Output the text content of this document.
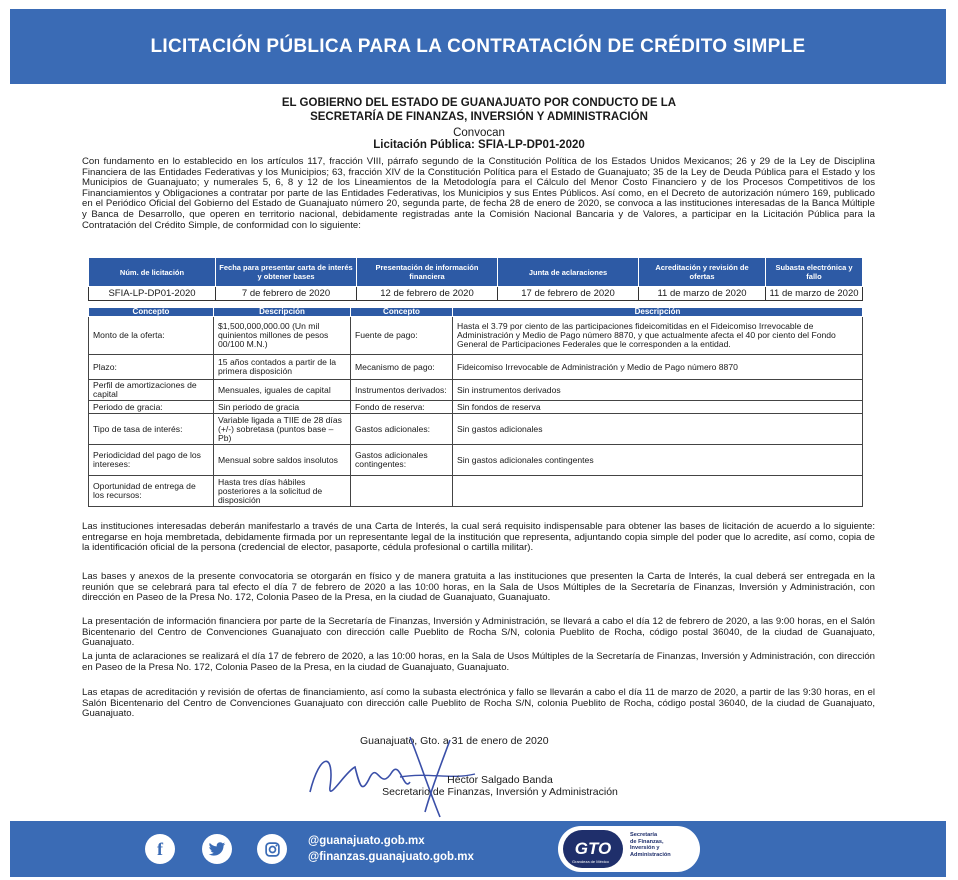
LICITACIÓN PÚBLICA PARA LA CONTRATACIÓN DE CRÉDITO SIMPLE
EL GOBIERNO DEL ESTADO DE GUANAJUATO POR CONDUCTO DE LA
SECRETARÍA DE FINANZAS, INVERSIÓN Y ADMINISTRACIÓN
Convocan
Licitación Pública: SFIA-LP-DP01-2020

Con fundamento en lo establecido en los artículos 117, fracción VIII, párrafo segundo de la Constitución Política de los Estados Unidos Mexicanos; 26 y 29 de la Ley de Disciplina Financiera de las Entidades Federativas y los Municipios; 63, fracción XIV de la Constitución Política para el Estado de Guanajuato; 35 de la Ley de Deuda Pública para el Estado y los Municipios de Guanajuato; y numerales 5, 6, 8 y 12 de los Lineamientos de la Metodología para el Cálculo del Menor Costo Financiero y de los Procesos Competitivos de los Financiamientos y Obligaciones a contratar por parte de las Entidades Federativas, los Municipios y sus Entes Públicos. Así como, en el Decreto de autorización número 169, publicado en el Periódico Oficial del Gobierno del Estado de Guanajuato número 20, segunda parte, de fecha 28 de enero de 2020, se convoca a las instituciones interesadas de la Banca Múltiple y Banca de Desarrollo, que operen en territorio nacional, debidamente registradas ante la Comisión Nacional Bancaria y de Valores, a participar en la Licitación Pública para la Contratación del Crédito Simple, de conformidad con lo siguiente:

Núm. de licitación	Fecha para presentar carta de interés y obtener bases	Presentación de información financiera	Junta de aclaraciones	Acreditación y revisión de ofertas	Subasta electrónica y fallo
SFIA-LP-DP01-2020	7 de febrero de 2020	12 de febrero de 2020	17 de febrero de 2020	11 de marzo de 2020	11 de marzo de 2020
Concepto	Descripción	Concepto	Descripción
Monto de la oferta:	$1,500,000,000.00 (Un mil quinientos millones de pesos 00/100 M.N.)	Fuente de pago:	Hasta el 3.79 por ciento de las participaciones fideicomitidas en el Fideicomiso Irrevocable de Administración y Medio de Pago número 8870, y que actualmente afecta el 40 por ciento del Fondo General de Participaciones Federales que le corresponden a la entidad.
Plazo:	15 años contados a partir de la primera disposición	Mecanismo de pago:	Fideicomiso Irrevocable de Administración y Medio de Pago número 8870
Perfil de amortizaciones de capital	Mensuales, iguales de capital	Instrumentos derivados:	Sin instrumentos derivados
Periodo de gracia:	Sin periodo de gracia	Fondo de reserva:	Sin fondos de reserva
Tipo de tasa de interés:	Variable ligada a TIIE de 28 días (+/-) sobretasa (puntos base – Pb)	Gastos adicionales:	Sin gastos adicionales
Periodicidad del pago de los intereses:	Mensual sobre saldos insolutos	Gastos adicionales contingentes:	Sin gastos adicionales contingentes
Oportunidad de entrega de los recursos:	Hasta tres días hábiles posteriores a la solicitud de disposición		

Las instituciones interesadas deberán manifestarlo a través de una Carta de Interés, la cual será requisito indispensable para obtener las bases de licitación de acuerdo a lo siguiente: entregarse en hoja membretada, debidamente firmada por un representante legal de la institución que representa, adjuntando copia simple del poder que lo acredite, así como, copia de la identificación oficial de la persona (credencial de elector, pasaporte, cédula profesional o cartilla militar).

Las bases y anexos de la presente convocatoria se otorgarán en físico y de manera gratuita a las instituciones que presenten la Carta de Interés, la cual deberá ser entregada en la reunión que se celebrará para tal efecto el día 7 de febrero de 2020 a las 10:00 horas, en la Sala de Usos Múltiples de la Secretaría de Finanzas, Inversión y Administración, con dirección en Paseo de la Presa No. 172, Colonia Paseo de la Presa, en la ciudad de Guanajuato, Guanajuato.

La presentación de información financiera por parte de la Secretaría de Finanzas, Inversión y Administración, se llevará a cabo el día 12 de febrero de 2020, a las 9:00 horas, en el Salón Bicentenario del Centro de Convenciones Guanajuato con dirección calle Pueblito de Rocha S/N, colonia Pueblito de Rocha, código postal 36040, de la ciudad de Guanajuato, Guanajuato.

La junta de aclaraciones se realizará el día 17 de febrero de 2020, a las 10:00 horas, en la Sala de Usos Múltiples de la Secretaría de Finanzas, Inversión y Administración, con dirección en Paseo de la Presa No. 172, Colonia Paseo de la Presa, en la ciudad de Guanajuato, Guanajuato.

Las etapas de acreditación y revisión de ofertas de financiamiento, así como la subasta electrónica y fallo se llevarán a cabo el día 11 de marzo de 2020, a partir de las 9:30 horas, en el Salón Bicentenario del Centro de Convenciones Guanajuato con dirección calle Pueblito de Rocha S/N, colonia Pueblito de Rocha, código postal 36040, de la ciudad de Guanajuato, Guanajuato.

Guanajuato, Gto. a 31 de enero de 2020
Héctor Salgado Banda
Secretario de Finanzas, Inversión y Administración
f	@guanajuato.gob.mx
@finanzas.guanajuato.gob.mx	GTO
Grandeza de México
Secretaría
de Finanzas,
Inversión y
Administración
